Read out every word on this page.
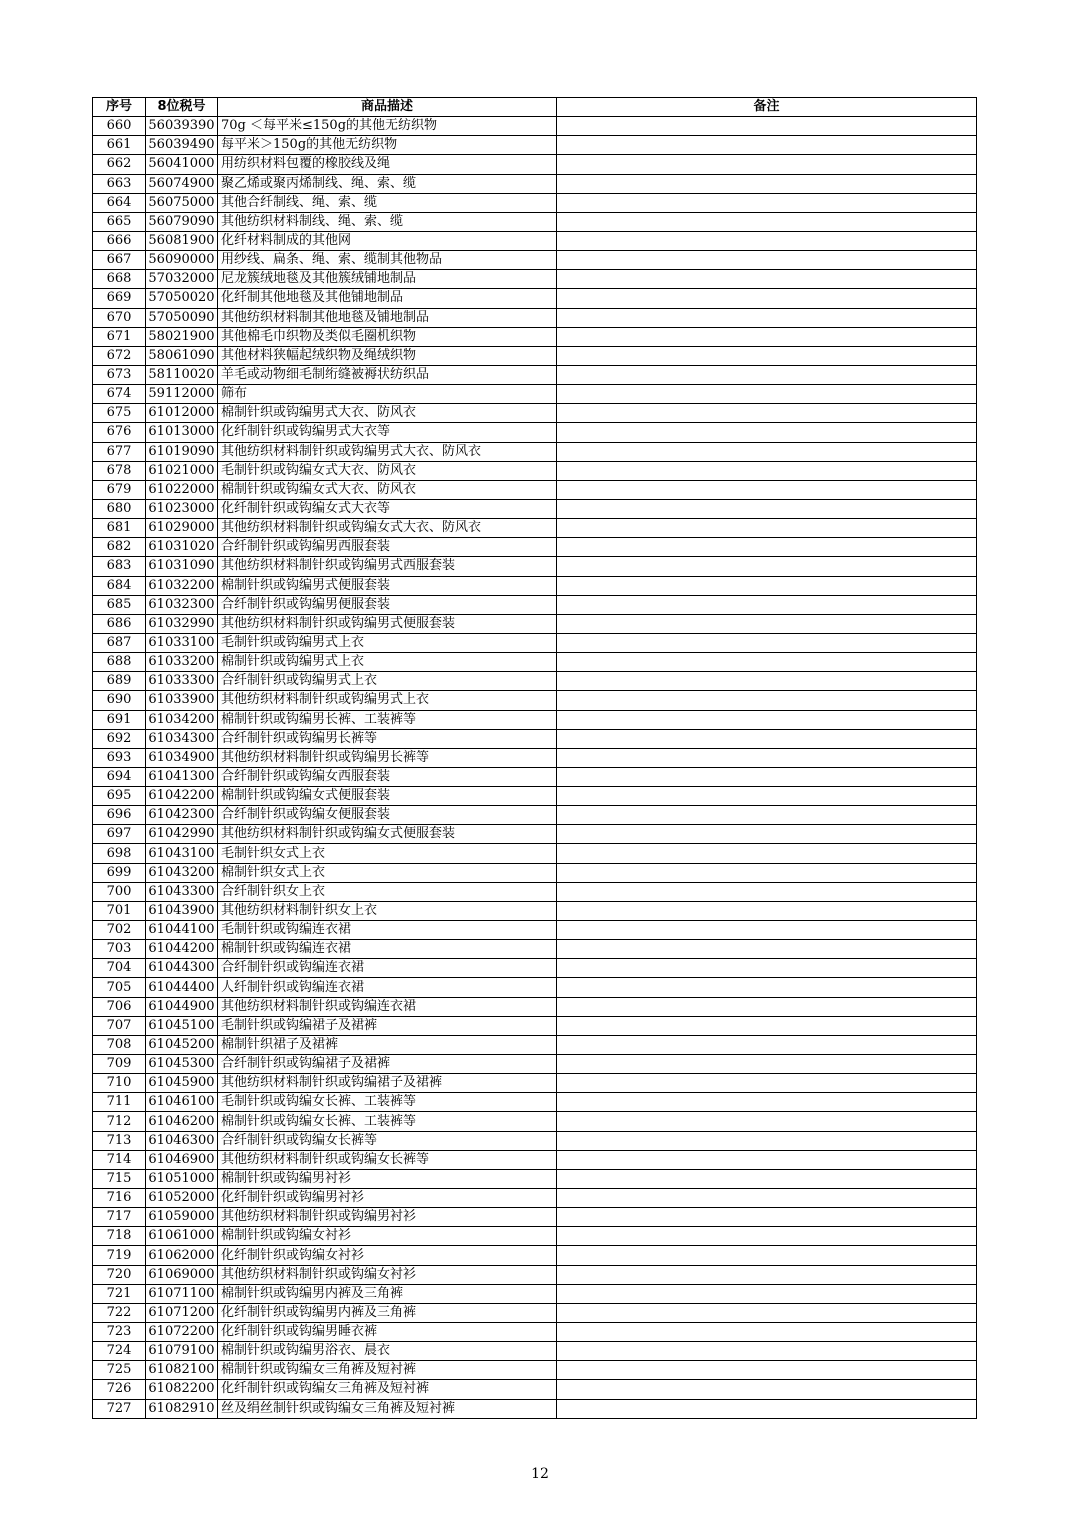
序号	8位税号	商品描述	备注
660	56039390	70g ＜每平米≤150g的其他无纺织物	
661	56039490	每平米＞150g的其他无纺织物	
662	56041000	用纺织材料包覆的橡胶线及绳	
663	56074900	聚乙烯或聚丙烯制线、绳、索、缆	
664	56075000	其他合纤制线、绳、索、缆	
665	56079090	其他纺织材料制线、绳、索、缆	
666	56081900	化纤材料制成的其他网	
667	56090000	用纱线、扁条、绳、索、缆制其他物品	
668	57032000	尼龙簇绒地毯及其他簇绒铺地制品	
669	57050020	化纤制其他地毯及其他铺地制品	
670	57050090	其他纺织材料制其他地毯及铺地制品	
671	58021900	其他棉毛巾织物及类似毛圈机织物	
672	58061090	其他材料狭幅起绒织物及绳绒织物	
673	58110020	羊毛或动物细毛制绗缝被褥状纺织品	
674	59112000	筛布	
675	61012000	棉制针织或钩编男式大衣、防风衣	
676	61013000	化纤制针织或钩编男式大衣等	
677	61019090	其他纺织材料制针织或钩编男式大衣、防风衣	
678	61021000	毛制针织或钩编女式大衣、防风衣	
679	61022000	棉制针织或钩编女式大衣、防风衣	
680	61023000	化纤制针织或钩编女式大衣等	
681	61029000	其他纺织材料制针织或钩编女式大衣、防风衣	
682	61031020	合纤制针织或钩编男西服套装	
683	61031090	其他纺织材料制针织或钩编男式西服套装	
684	61032200	棉制针织或钩编男式便服套装	
685	61032300	合纤制针织或钩编男便服套装	
686	61032990	其他纺织材料制针织或钩编男式便服套装	
687	61033100	毛制针织或钩编男式上衣	
688	61033200	棉制针织或钩编男式上衣	
689	61033300	合纤制针织或钩编男式上衣	
690	61033900	其他纺织材料制针织或钩编男式上衣	
691	61034200	棉制针织或钩编男长裤、工装裤等	
692	61034300	合纤制针织或钩编男长裤等	
693	61034900	其他纺织材料制针织或钩编男长裤等	
694	61041300	合纤制针织或钩编女西服套装	
695	61042200	棉制针织或钩编女式便服套装	
696	61042300	合纤制针织或钩编女便服套装	
697	61042990	其他纺织材料制针织或钩编女式便服套装	
698	61043100	毛制针织女式上衣	
699	61043200	棉制针织女式上衣	
700	61043300	合纤制针织女上衣	
701	61043900	其他纺织材料制针织女上衣	
702	61044100	毛制针织或钩编连衣裙	
703	61044200	棉制针织或钩编连衣裙	
704	61044300	合纤制针织或钩编连衣裙	
705	61044400	人纤制针织或钩编连衣裙	
706	61044900	其他纺织材料制针织或钩编连衣裙	
707	61045100	毛制针织或钩编裙子及裙裤	
708	61045200	棉制针织裙子及裙裤	
709	61045300	合纤制针织或钩编裙子及裙裤	
710	61045900	其他纺织材料制针织或钩编裙子及裙裤	
711	61046100	毛制针织或钩编女长裤、工装裤等	
712	61046200	棉制针织或钩编女长裤、工装裤等	
713	61046300	合纤制针织或钩编女长裤等	
714	61046900	其他纺织材料制针织或钩编女长裤等	
715	61051000	棉制针织或钩编男衬衫	
716	61052000	化纤制针织或钩编男衬衫	
717	61059000	其他纺织材料制针织或钩编男衬衫	
718	61061000	棉制针织或钩编女衬衫	
719	61062000	化纤制针织或钩编女衬衫	
720	61069000	其他纺织材料制针织或钩编女衬衫	
721	61071100	棉制针织或钩编男内裤及三角裤	
722	61071200	化纤制针织或钩编男内裤及三角裤	
723	61072200	化纤制针织或钩编男睡衣裤	
724	61079100	棉制针织或钩编男浴衣、晨衣	
725	61082100	棉制针织或钩编女三角裤及短衬裤	
726	61082200	化纤制针织或钩编女三角裤及短衬裤	
727	61082910	丝及绢丝制针织或钩编女三角裤及短衬裤	
12
